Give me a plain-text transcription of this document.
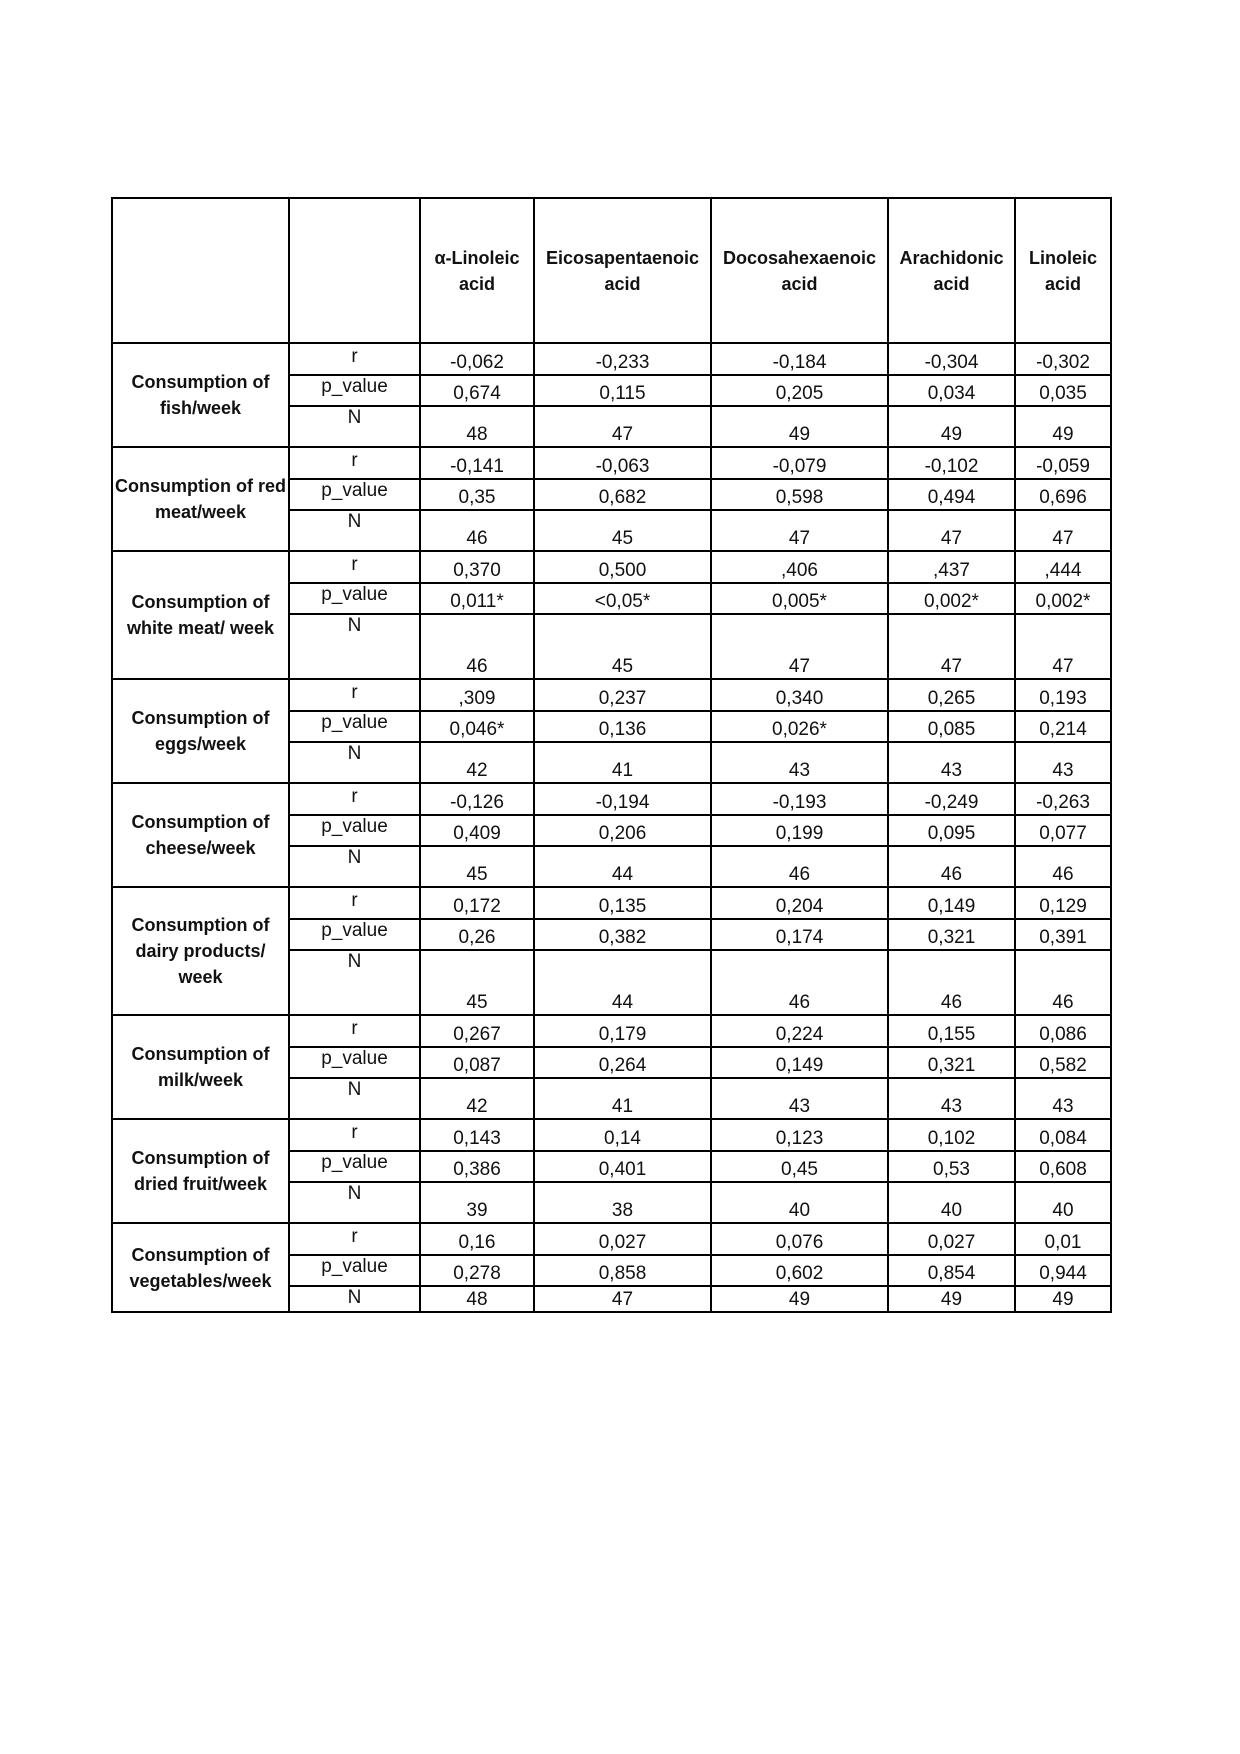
		α-Linoleic acid	Eicosapentaenoic acid	Docosahexaenoic acid	Arachidonic acid	Linoleic acid
Consumption of fish/week	r	-0,062	-0,233	-0,184	-0,304	-0,302
	p_value	0,674	0,115	0,205	0,034	0,035
	N	48	47	49	49	49
Consumption of red meat/week	r	-0,141	-0,063	-0,079	-0,102	-0,059
	p_value	0,35	0,682	0,598	0,494	0,696
	N	46	45	47	47	47
Consumption of white meat/ week	r	0,370	0,500	,406	,437	,444
	p_value	0,011*	<0,05*	0,005*	0,002*	0,002*
	N	46	45	47	47	47
Consumption of eggs/week	r	,309	0,237	0,340	0,265	0,193
	p_value	0,046*	0,136	0,026*	0,085	0,214
	N	42	41	43	43	43
Consumption of cheese/week	r	-0,126	-0,194	-0,193	-0,249	-0,263
	p_value	0,409	0,206	0,199	0,095	0,077
	N	45	44	46	46	46
Consumption of dairy products/ week	r	0,172	0,135	0,204	0,149	0,129
	p_value	0,26	0,382	0,174	0,321	0,391
	N	45	44	46	46	46
Consumption of milk/week	r	0,267	0,179	0,224	0,155	0,086
	p_value	0,087	0,264	0,149	0,321	0,582
	N	42	41	43	43	43
Consumption of dried fruit/week	r	0,143	0,14	0,123	0,102	0,084
	p_value	0,386	0,401	0,45	0,53	0,608
	N	39	38	40	40	40
Consumption of vegetables/week	r	0,16	0,027	0,076	0,027	0,01
	p_value	0,278	0,858	0,602	0,854	0,944
	N	48	47	49	49	49
